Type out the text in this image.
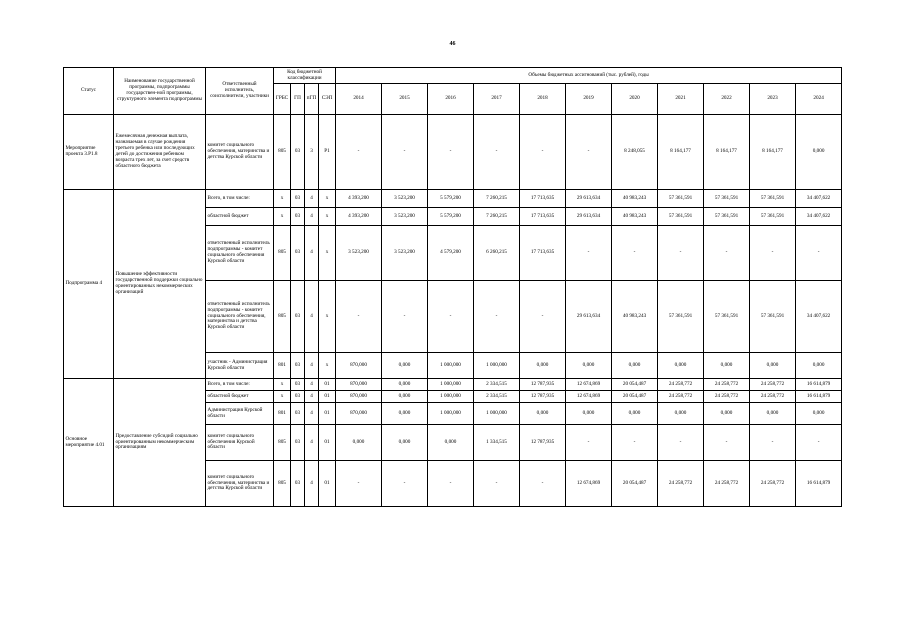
46
Статус	Наименование государственной программы, подпрограммы государствен-ной программы, структурного элемента подпрограммы	Ответственный исполнитель, соисполнители, участники	Код бюджетной классификации				Объемы бюджетных ассигнований (тыс. рублей), годы										
			ГРБС	ГП	пГП	СЭП	2014	2015	2016	2017	2018	2019	2020	2021	2022	2023	2024
Мероприятие проекта 3.Р1.8	Ежемесячная денежная выплата, назначаемая в случае рождения третьего ребенка или последующих детей до достижения ребенком возраста трех лет, за счет средств областного бюджета	комитет социального обеспечения, материнства и детства Курской области	805	03	3	Р1	-	-	-	-	-	-	8 248,055	8 164,177	8 164,177	8 164,177	0,000
Подпрограмма 4	Повышение эффективности государственной поддержки социально ориентированных некоммерческих организаций	Всего, в том числе:	х	03	4	х	4 393,200	3 523,200	5 579,200	7 260,215	17 713,635	29 613,634	40 983,243	57 361,591	57 361,591	57 361,591	34 407,622
		областной бюджет	х	03	4	х	4 393,200	3 523,200	5 579,200	7 260,215	17 713,635	29 613,634	40 983,243	57 361,591	57 361,591	57 361,591	34 407,622
		ответственный исполнитель подпрограммы - комитет социального обеспечения Курской области	805	03	4	х	3 523,200	3 523,200	4 579,200	6 260,215	17 713,635	-	-	-	-	-	-
		ответственный исполнитель подпрограммы - комитет социального обеспечения, материнства и детства Курской области	805	03	4	х	-	-	-	-	-	29 613,634	40 983,243	57 361,591	57 361,591	57 361,591	34 407,622
		участник - Администрация Курской области	801	03	4	х	870,000	0,000	1 000,000	1 000,000	0,000	0,000	0,000	0,000	0,000	0,000	0,000
Основное мероприятие 4.01	Предоставление субсидий социально ориентированным некоммерческим организациям	Всего, в том числе:	х	03	4	01	870,000	0,000	1 000,000	2 334,515	12 787,935	12 674,869	20 054,487	24 258,772	24 258,772	24 258,772	16 614,879
		областной бюджет	х	03	4	01	870,000	0,000	1 000,000	2 334,515	12 787,935	12 674,869	20 054,487	24 258,772	24 258,772	24 258,772	16 614,879
		Администрация Курской области	801	03	4	01	870,000	0,000	1 000,000	1 000,000	0,000	0,000	0,000	0,000	0,000	0,000	0,000
		комитет социального обеспечения Курской области	805	03	4	01	0,000	0,000	0,000	1 334,515	12 787,935	-	-	-	-	-	-
		комитет социального обеспечения, материнства и детства Курской области	805	03	4	01	-	-	-	-	-	12 674,869	20 054,487	24 258,772	24 258,772	24 258,772	16 614,879
